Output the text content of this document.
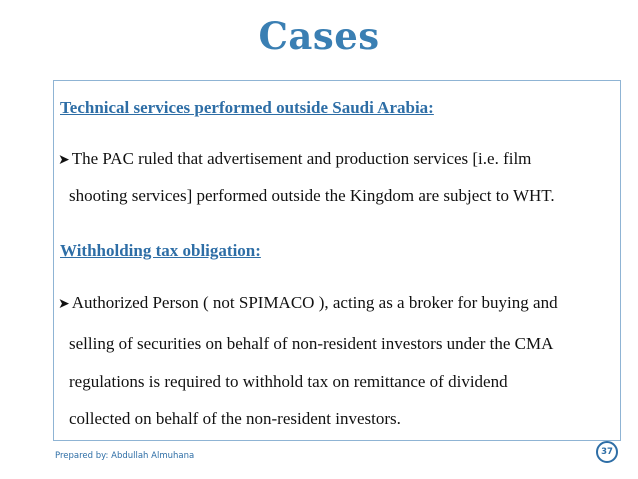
Cases
Technical services performed outside Saudi Arabia:
➤ The PAC ruled that advertisement and production services [i.e. film
shooting services] performed outside the Kingdom are subject to WHT.
Withholding tax obligation:
➤ Authorized Person ( not SPIMACO ), acting as a broker for buying and
selling of securities on behalf of non-resident investors under the CMA
regulations is required to withhold tax on remittance of dividend
collected on behalf of the non-resident investors.
Prepared by: Abdullah Almuhana	37
